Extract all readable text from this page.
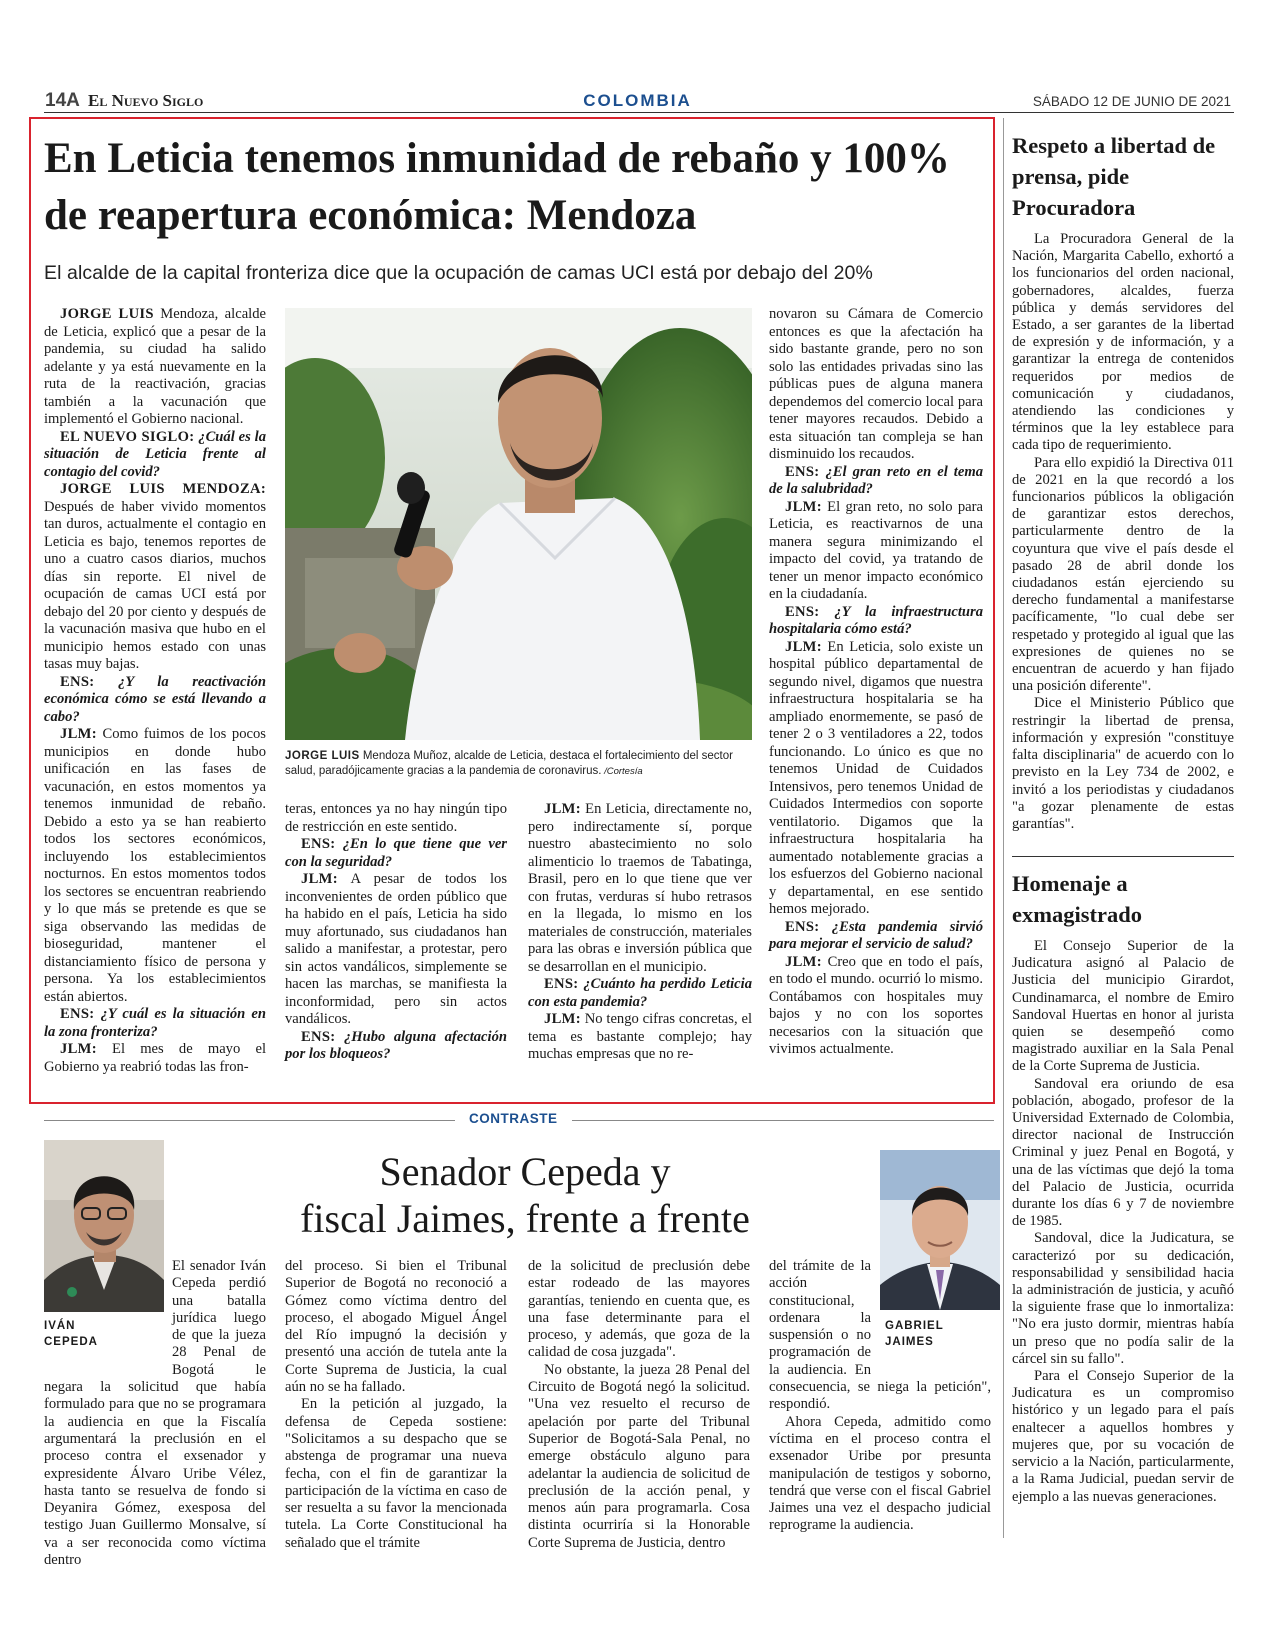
14A El Nuevo Siglo	COLOMBIA	SÁBADO 12 DE JUNIO DE 2021
En Leticia tenemos inmunidad de rebaño y 100% de reapertura económica: Mendoza
El alcalde de la capital fronteriza dice que la ocupación de camas UCI está por debajo del 20%

JORGE LUIS Mendoza, alcalde de Leticia, explicó que a pesar de la pandemia, su ciudad ha salido adelante y ya está nuevamente en la ruta de la reactivación, gracias también a la vacunación que implementó el Gobierno nacional.

EL NUEVO SIGLO: ¿Cuál es la situación de Leticia frente al contagio del covid?

JORGE LUIS MENDOZA: Después de haber vivido momentos tan duros, actualmente el contagio en Leticia es bajo, tenemos reportes de uno a cuatro casos diarios, muchos días sin reporte. El nivel de ocupación de camas UCI está por debajo del 20 por ciento y después de la vacunación masiva que hubo en el municipio hemos estado con unas tasas muy bajas.

ENS: ¿Y la reactivación económica cómo se está llevando a cabo?

JLM: Como fuimos de los pocos municipios en donde hubo unificación en las fases de vacunación, en estos momentos ya tenemos inmunidad de rebaño. Debido a esto ya se han reabierto todos los sectores económicos, incluyendo los establecimientos nocturnos. En estos momentos todos los sectores se encuentran reabriendo y lo que más se pretende es que se siga observando las medidas de bioseguridad, mantener el distanciamiento físico de persona y persona. Ya los establecimientos están abiertos.

ENS: ¿Y cuál es la situación en la zona fronteriza?

JLM: El mes de mayo el Gobierno ya reabrió todas las fron-

JORGE LUIS Mendoza Muñoz, alcalde de Leticia, destaca el fortalecimiento del sector salud, paradójicamente gracias a la pandemia de coronavirus. /Cortesía

teras, entonces ya no hay ningún tipo de restricción en este sentido.

ENS: ¿En lo que tiene que ver con la seguridad?

JLM: A pesar de todos los inconvenientes de orden público que ha habido en el país, Leticia ha sido muy afortunado, sus ciudadanos han salido a manifestar, a protestar, pero sin actos vandálicos, simplemente se hacen las marchas, se manifiesta la inconformidad, pero sin actos vandálicos.

ENS: ¿Hubo alguna afectación por los bloqueos?

JLM: En Leticia, directamente no, pero indirectamente sí, porque nuestro abastecimiento no solo alimenticio lo traemos de Tabatinga, Brasil, pero en lo que tiene que ver con frutas, verduras sí hubo retrasos en la llegada, lo mismo en los materiales de construcción, materiales para las obras e inversión pública que se desarrollan en el municipio.

ENS: ¿Cuánto ha perdido Leticia con esta pandemia?

JLM: No tengo cifras concretas, el tema es bastante complejo; hay muchas empresas que no re-

novaron su Cámara de Comercio entonces es que la afectación ha sido bastante grande, pero no son solo las entidades privadas sino las públicas pues de alguna manera dependemos del comercio local para tener mayores recaudos. Debido a esta situación tan compleja se han disminuido los recaudos.

ENS: ¿El gran reto en el tema de la salubridad?

JLM: El gran reto, no solo para Leticia, es reactivarnos de una manera segura minimizando el impacto del covid, ya tratando de tener un menor impacto económico en la ciudadanía.

ENS: ¿Y la infraestructura hospitalaria cómo está?

JLM: En Leticia, solo existe un hospital público departamental de segundo nivel, digamos que nuestra infraestructura hospitalaria se ha ampliado enormemente, se pasó de tener 2 o 3 ventiladores a 22, todos funcionando. Lo único es que no tenemos Unidad de Cuidados Intensivos, pero tenemos Unidad de Cuidados Intermedios con soporte ventilatorio. Digamos que la infraestructura hospitalaria ha aumentado notablemente gracias a los esfuerzos del Gobierno nacional y departamental, en ese sentido hemos mejorado.

ENS: ¿Esta pandemia sirvió para mejorar el servicio de salud?

JLM: Creo que en todo el país, en todo el mundo. ocurrió lo mismo. Contábamos con hospitales muy bajos y no con los soportes necesarios con la situación que vivimos actualmente.

Respeto a libertad de prensa, pide Procuradora

La Procuradora General de la Nación, Margarita Cabello, exhortó a los funcionarios del orden nacional, gobernadores, alcaldes, fuerza pública y demás servidores del Estado, a ser garantes de la libertad de expresión y de información, y a garantizar la entrega de contenidos requeridos por medios de comunicación y ciudadanos, atendiendo las condiciones y términos que la ley establece para cada tipo de requerimiento.

Para ello expidió la Directiva 011 de 2021 en la que recordó a los funcionarios públicos la obligación de garantizar estos derechos, particularmente dentro de la coyuntura que vive el país desde el pasado 28 de abril donde los ciudadanos están ejerciendo su derecho fundamental a manifestarse pacíficamente, "lo cual debe ser respetado y protegido al igual que las expresiones de quienes no se encuentran de acuerdo y han fijado una posición diferente".

Dice el Ministerio Público que restringir la libertad de prensa, información y expresión "constituye falta disciplinaria" de acuerdo con lo previsto en la Ley 734 de 2002, e invitó a los periodistas y ciudadanos "a gozar plenamente de estas garantías".

Homenaje a exmagistrado

El Consejo Superior de la Judicatura asignó al Palacio de Justicia del municipio Girardot, Cundinamarca, el nombre de Emiro Sandoval Huertas en honor al jurista quien se desempeñó como magistrado auxiliar en la Sala Penal de la Corte Suprema de Justicia.

Sandoval era oriundo de esa población, abogado, profesor de la Universidad Externado de Colombia, director nacional de Instrucción Criminal y juez Penal en Bogotá, y una de las víctimas que dejó la toma del Palacio de Justicia, ocurrida durante los días 6 y 7 de noviembre de 1985.

Sandoval, dice la Judicatura, se caracterizó por su dedicación, responsabilidad y sensibilidad hacia la administración de justicia, y acuñó la siguiente frase que lo inmortaliza: "No era justo dormir, mientras había un preso que no podía salir de la cárcel sin su fallo".

Para el Consejo Superior de la Judicatura es un compromiso histórico y un legado para el país enaltecer a aquellos hombres y mujeres que, por su vocación de servicio a la Nación, particularmente, a la Rama Judicial, puedan servir de ejemplo a las nuevas generaciones.

CONTRASTE
IVÁN CEPEDA
GABRIEL JAIMES
Senador Cepeda y
fiscal Jaimes, frente a frente

El senador Iván Cepeda perdió una batalla jurídica luego de que la jueza 28 Penal de Bogotá le negara la solicitud que había formulado para que no se programara la audiencia en que la Fiscalía argumentará la preclusión en el proceso contra el exsenador y expresidente Álvaro Uribe Vélez, hasta tanto se resuelva de fondo si Deyanira Gómez, exesposa del testigo Juan Guillermo Monsalve, sí va a ser reconocida como víctima dentro

del proceso. Si bien el Tribunal Superior de Bogotá no reconoció a Gómez como víctima dentro del proceso, el abogado Miguel Ángel del Río impugnó la decisión y presentó una acción de tutela ante la Corte Suprema de Justicia, la cual aún no se ha fallado.

En la petición al juzgado, la defensa de Cepeda sostiene: "Solicitamos a su despacho que se abstenga de programar una nueva fecha, con el fin de garantizar la participación de la víctima en caso de ser resuelta a su favor la mencionada tutela. La Corte Constitucional ha señalado que el trámite

de la solicitud de preclusión debe estar rodeado de las mayores garantías, teniendo en cuenta que, es una fase determinante para el proceso, y además, que goza de la calidad de cosa juzgada".

No obstante, la jueza 28 Penal del Circuito de Bogotá negó la solicitud. "Una vez resuelto el recurso de apelación por parte del Tribunal Superior de Bogotá-Sala Penal, no emerge obstáculo alguno para adelantar la audiencia de solicitud de preclusión de la acción penal, y menos aún para programarla. Cosa distinta ocurriría si la Honorable Corte Suprema de Justicia, dentro

del trámite de la acción constitucional, ordenara la suspensión o no programación de la audiencia. En consecuencia, se niega la petición", respondió.

Ahora Cepeda, admitido como víctima en el proceso contra el exsenador Uribe por presunta manipulación de testigos y soborno, tendrá que verse con el fiscal Gabriel Jaimes una vez el despacho judicial reprograme la audiencia.
